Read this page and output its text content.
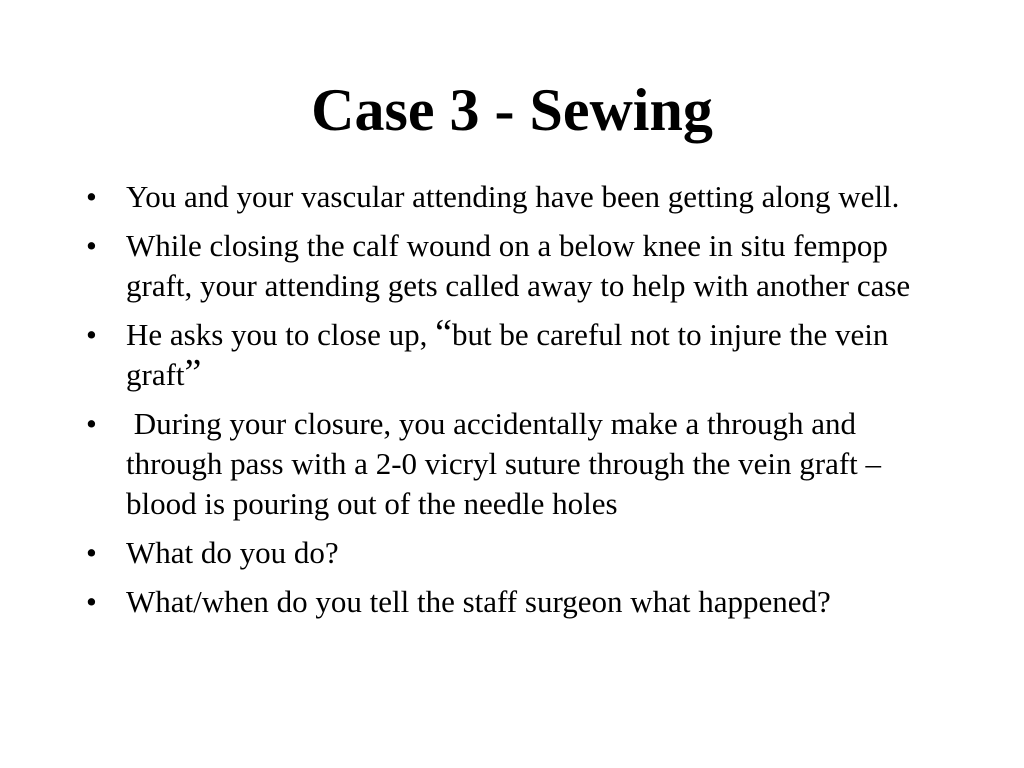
Case 3 - Sewing
• You and your vascular attending have been getting along well.
• While closing the calf wound on a below knee in situ fempop graft, your attending gets called away to help with another case
• He asks you to close up, “but be careful not to injure the vein graft”
• During your closure, you accidentally make a through and through pass with a 2-0 vicryl suture through the vein graft – blood is pouring out of the needle holes
• What do you do?
• What/when do you tell the staff surgeon what happened?
